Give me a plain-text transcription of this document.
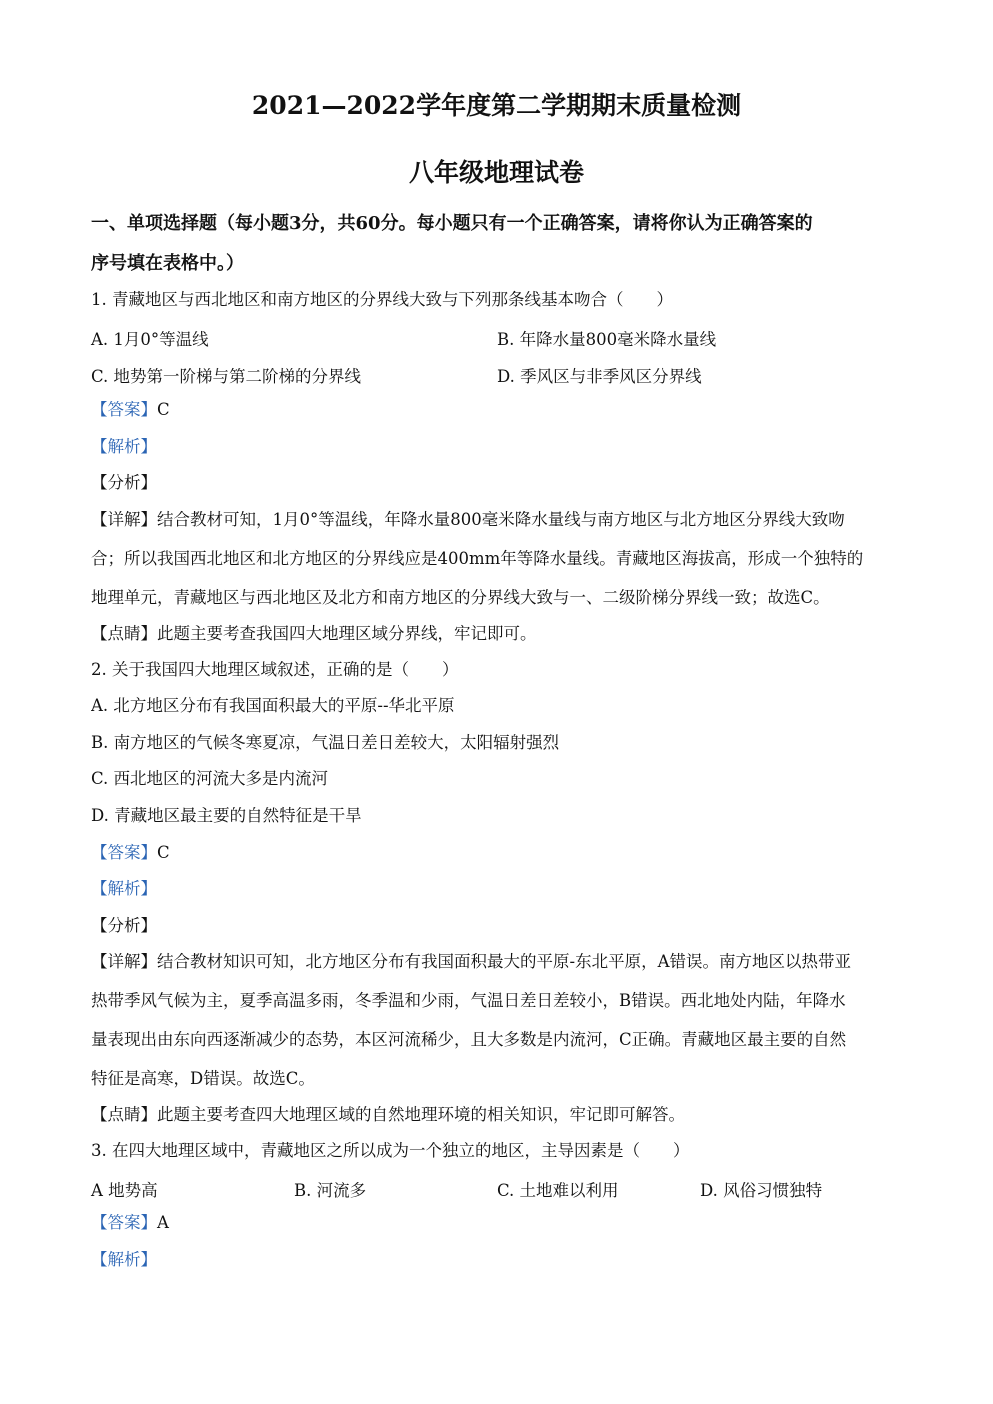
2021—2022学年度第二学期期末质量检测
八年级地理试卷
一、单项选择题（每小题3分，共60分。每小题只有一个正确答案，请将你认为正确答案的
序号填在表格中。）
1. 青藏地区与西北地区和南方地区的分界线大致与下列那条线基本吻合（　　）
A. 1月0°等温线	B. 年降水量800毫米降水量线
C. 地势第一阶梯与第二阶梯的分界线	D. 季风区与非季风区分界线
【答案】C
【解析】
【分析】
【详解】结合教材可知，1月0°等温线，年降水量800毫米降水量线与南方地区与北方地区分界线大致吻
合；所以我国西北地区和北方地区的分界线应是400mm年等降水量线。青藏地区海拔高，形成一个独特的
地理单元，青藏地区与西北地区及北方和南方地区的分界线大致与一、二级阶梯分界线一致；故选C。
【点睛】此题主要考查我国四大地理区域分界线，牢记即可。
2. 关于我国四大地理区域叙述，正确的是（　　）
A. 北方地区分布有我国面积最大的平原--华北平原
B. 南方地区的气候冬寒夏凉，气温日差日差较大，太阳辐射强烈
C. 西北地区的河流大多是内流河
D. 青藏地区最主要的自然特征是干旱
【答案】C
【解析】
【分析】
【详解】结合教材知识可知，北方地区分布有我国面积最大的平原-东北平原，A错误。南方地区以热带亚
热带季风气候为主，夏季高温多雨，冬季温和少雨，气温日差日差较小，B错误。西北地处内陆，年降水
量表现出由东向西逐渐减少的态势，本区河流稀少，且大多数是内流河，C正确。青藏地区最主要的自然
特征是高寒，D错误。故选C。
【点睛】此题主要考查四大地理区域的自然地理环境的相关知识，牢记即可解答。
3. 在四大地理区域中，青藏地区之所以成为一个独立的地区，主导因素是（　　）
A 地势高	B. 河流多	C. 土地难以利用	D. 风俗习惯独特
【答案】A
【解析】
